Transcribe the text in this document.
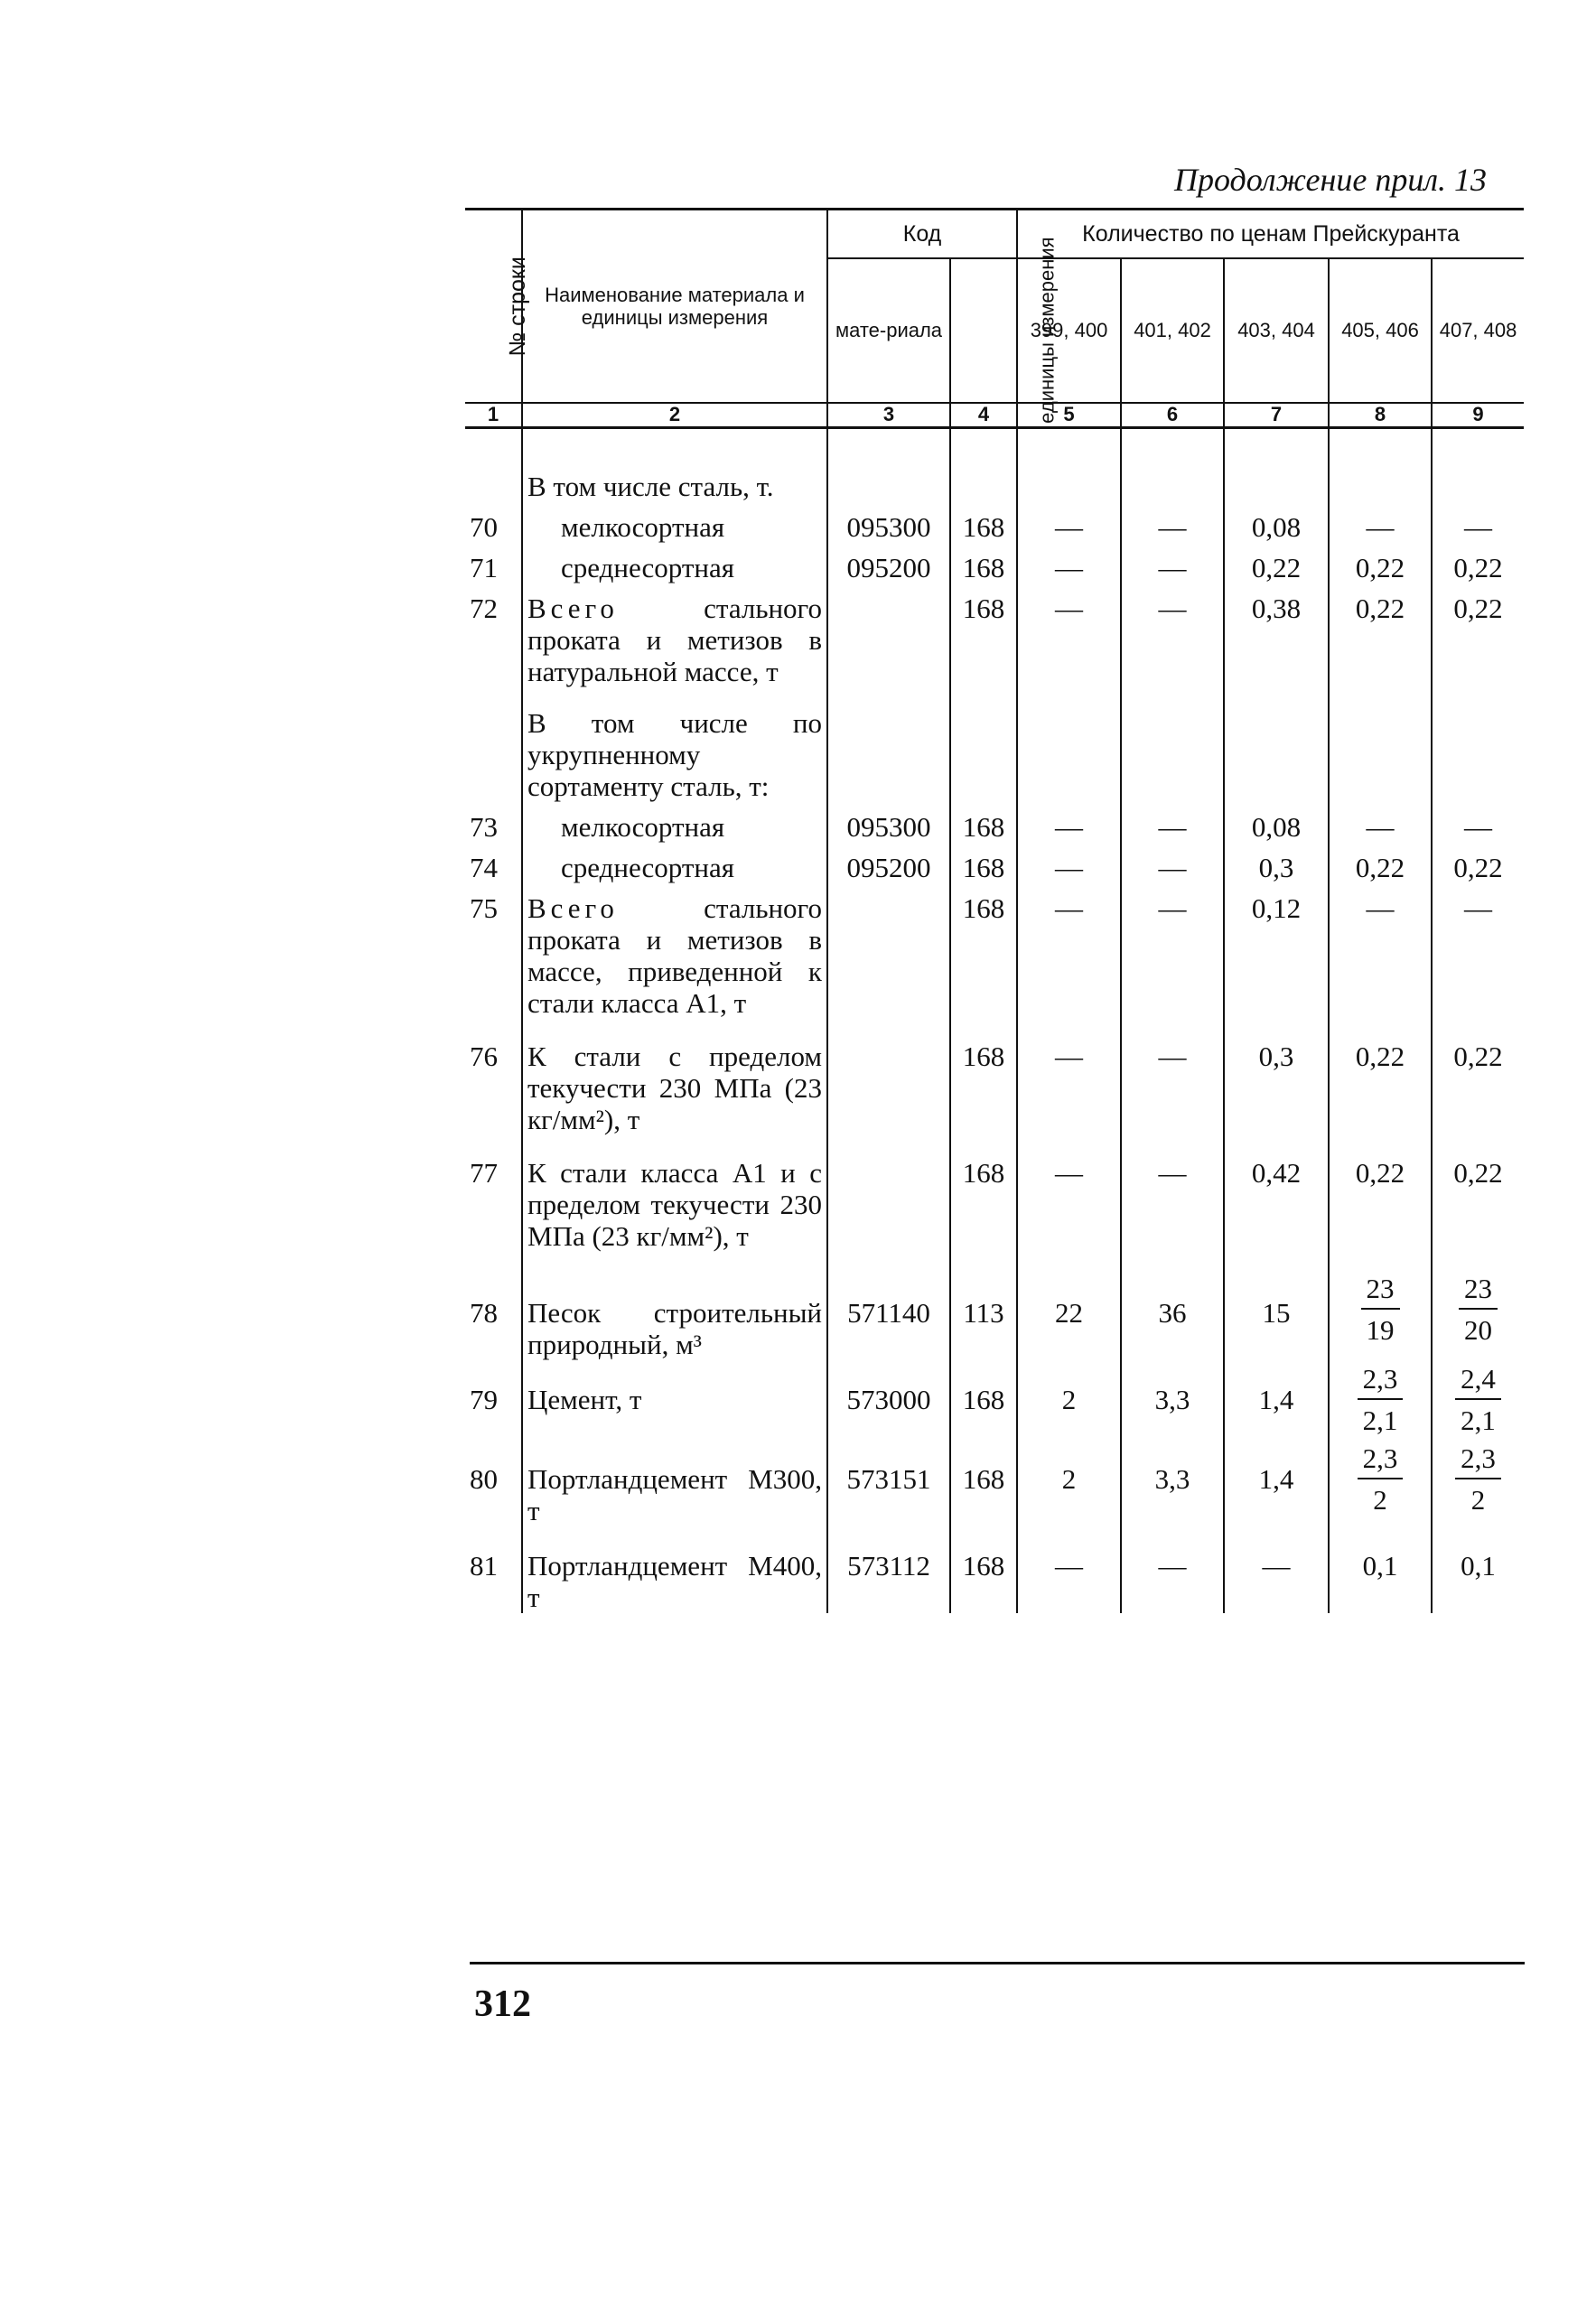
Продолжение прил. 13
№ строки	Наименование материала и единицы измерения	Код		Количество по ценам Прейскуранта				
		мате-риала	единицы измерения	399, 400	401, 402	403, 404	405, 406	407, 408
1	2	3	4	5	6	7	8	9

	В том числе сталь, т.							
70	мелкосортная	095300	168	—	—	0,08	—	—
71	среднесортная	095200	168	—	—	0,22	0,22	0,22
72	Всего стального проката и метизов в натуральной массе, т		168	—	—	0,38	0,22	0,22
	В том числе по укрупненному сортаменту сталь, т:							
73	мелкосортная	095300	168	—	—	0,08	—	—
74	среднесортная	095200	168	—	—	0,3	0,22	0,22
75	Всего стального проката и метизов в массе, приведенной к стали класса А1, т		168	—	—	0,12	—	—
76	К стали с пределом текучести 230 МПа (23 кг/мм²), т		168	—	—	0,3	0,22	0,22
77	К стали класса А1 и с пределом текучести 230 МПа (23 кг/мм²), т		168	—	—	0,42	0,22	0,22
78	Песок строительный природный, м³	571140	113	22	36	15	$\frac{23}{19}$	$\frac{23}{20}$

79	Цемент, т	573000	168	2	3,3	1,4	$\frac{2,3}{2,1}$	$\frac{2,4}{2,1}$

80	Портландцемент М300, т	573151	168	2	3,3	1,4	$\frac{2,3}{2}$	$\frac{2,3}{2}$

81	Портландцемент М400, т	573112	168	—	—	—	0,1	0,1
312
